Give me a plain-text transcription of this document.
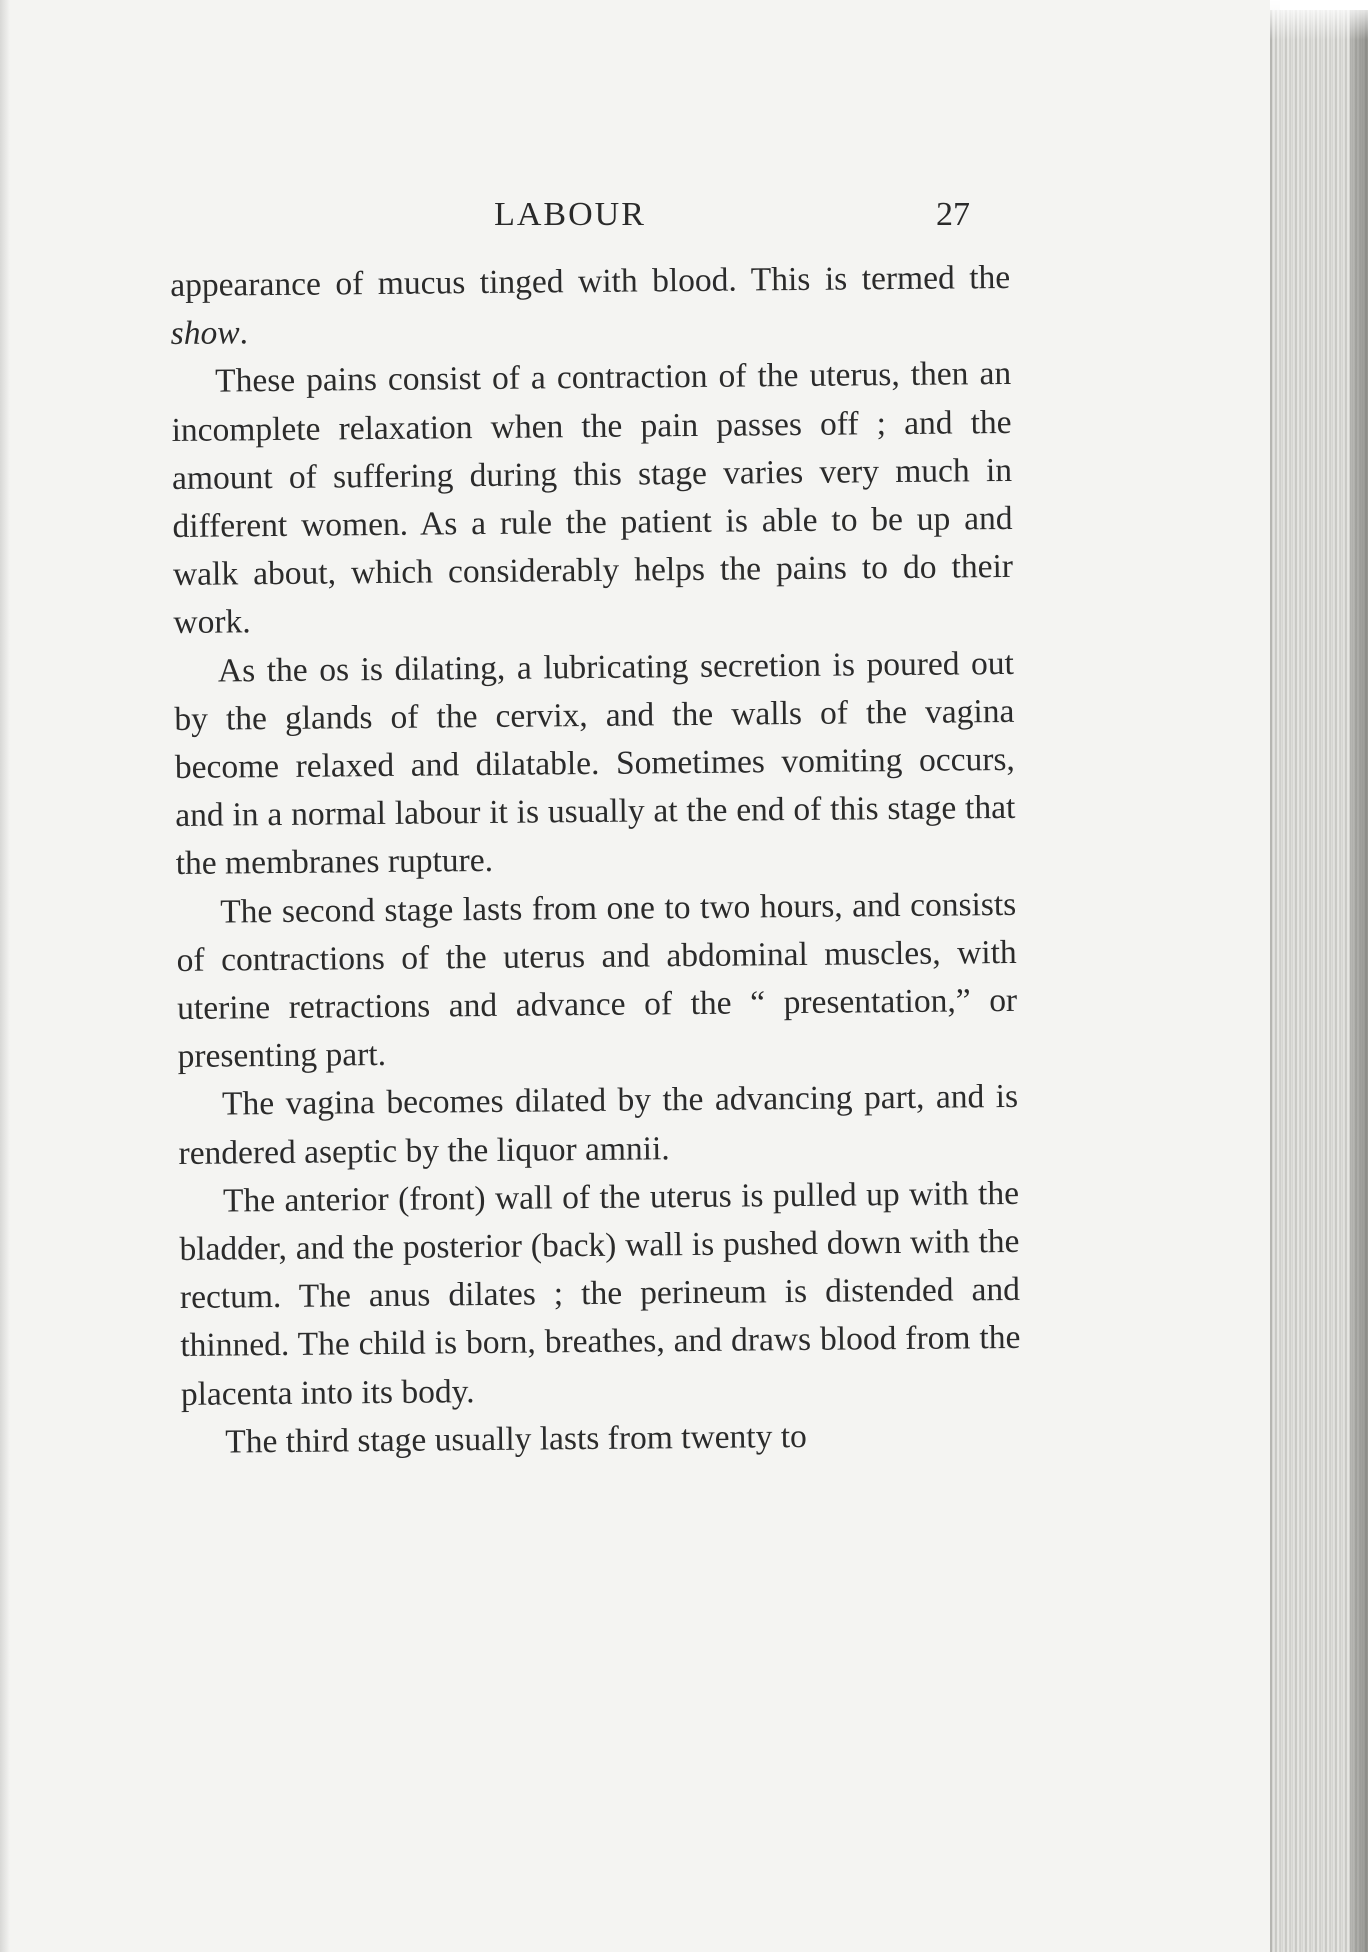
LABOUR	27

appearance of mucus tinged with blood. This is termed the show.

These pains consist of a contraction of the uterus, then an incomplete relaxation when the pain passes off ; and the amount of suffering during this stage varies very much in different women. As a rule the patient is able to be up and walk about, which considerably helps the pains to do their work.

As the os is dilating, a lubricating secretion is poured out by the glands of the cervix, and the walls of the vagina become relaxed and dilatable. Sometimes vomiting occurs, and in a normal labour it is usually at the end of this stage that the membranes rupture.

The second stage lasts from one to two hours, and consists of contractions of the uterus and abdominal muscles, with uterine retractions and advance of the “ presentation,” or presenting part.

The vagina becomes dilated by the advancing part, and is rendered aseptic by the liquor amnii.

The anterior (front) wall of the uterus is pulled up with the bladder, and the posterior (back) wall is pushed down with the rectum. The anus dilates ; the perineum is distended and thinned. The child is born, breathes, and draws blood from the placenta into its body.

The third stage usually lasts from twenty to
